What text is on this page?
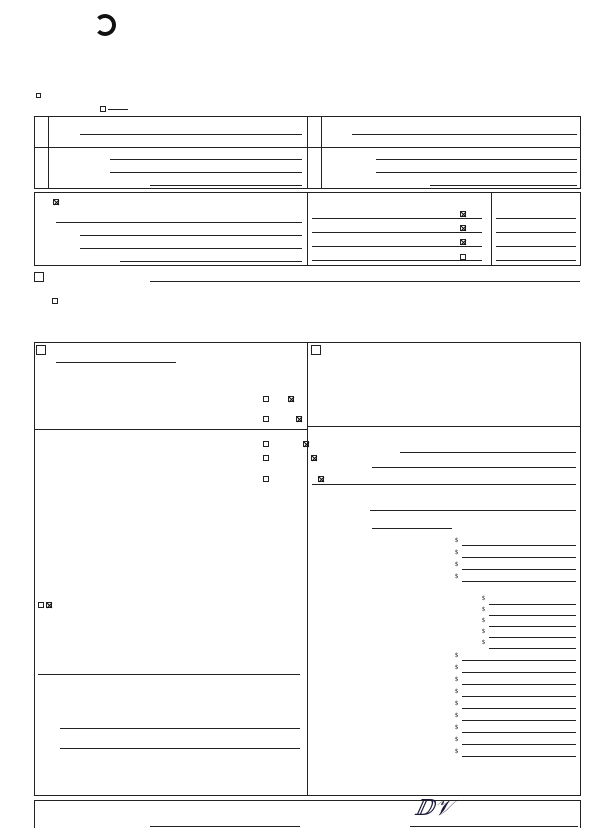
$
$
$
$
$
$
$
$
$
$
$
$
$
$
$
$
$
$
ⅅ𝒱
